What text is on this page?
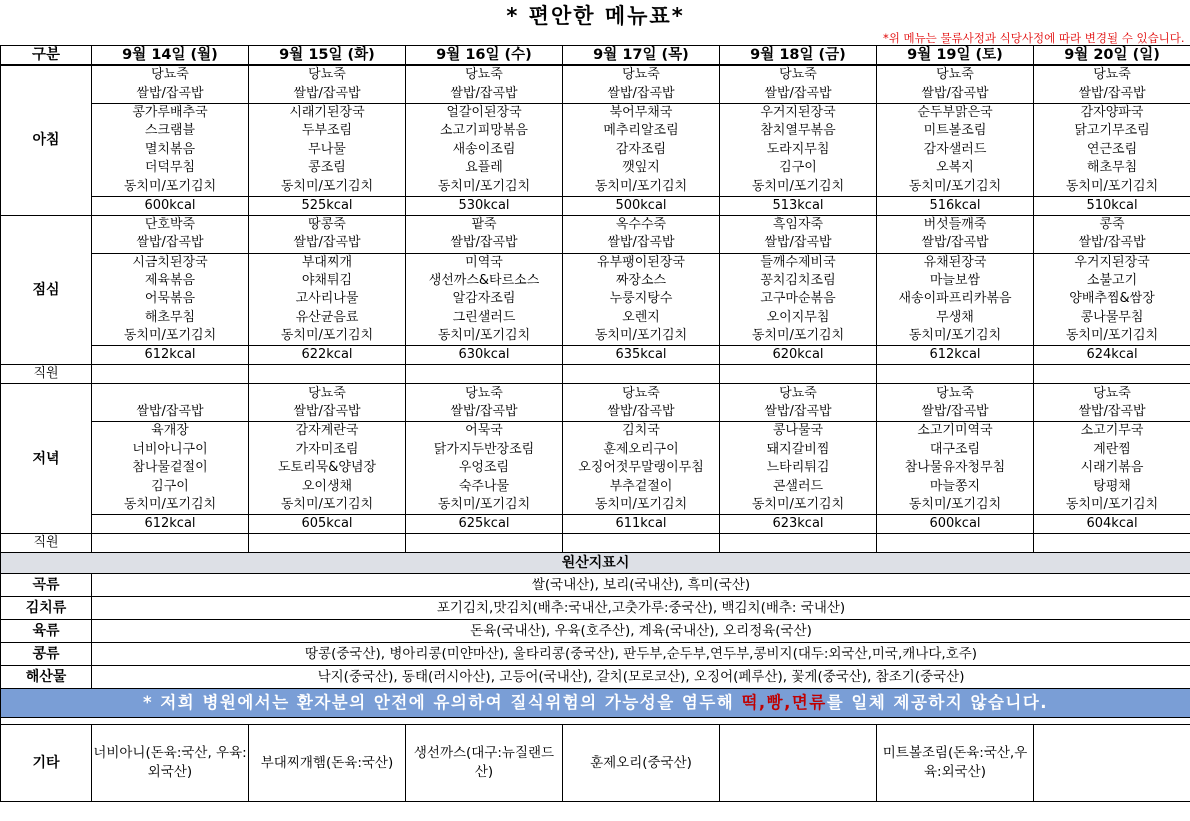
* 편안한 메뉴표*							
*위 메뉴는 물류사정과 식당사정에 따라 변경될 수 있습니다.							
구분	9월 14일 (월)	9월 15일 (화)	9월 16일 (수)	9월 17일 (목)	9월 18일 (금)	9월 19일 (토)	9월 20일 (일)
아침	당뇨죽	당뇨죽	당뇨죽	당뇨죽	당뇨죽	당뇨죽	당뇨죽
	쌀밥/잡곡밥	쌀밥/잡곡밥	쌀밥/잡곡밥	쌀밥/잡곡밥	쌀밥/잡곡밥	쌀밥/잡곡밥	쌀밥/잡곡밥
	콩가루배추국	시래기된장국	얼갈이된장국	북어무채국	우거지된장국	순두부맑은국	감자양파국
	스크램블	두부조림	소고기피망볶음	메추리알조림	참치열무볶음	미트볼조림	닭고기무조림
	멸치볶음	무나물	새송이조림	감자조림	도라지무침	감자샐러드	연근조림
	더덕무침	콩조림	요플레	깻잎지	김구이	오복지	해초무침
	동치미/포기김치	동치미/포기김치	동치미/포기김치	동치미/포기김치	동치미/포기김치	동치미/포기김치	동치미/포기김치
	600kcal	525kcal	530kcal	500kcal	513kcal	516kcal	510kcal
점심	단호박죽	땅콩죽	팥죽	옥수수죽	흑임자죽	버섯들깨죽	콩죽
	쌀밥/잡곡밥	쌀밥/잡곡밥	쌀밥/잡곡밥	쌀밥/잡곡밥	쌀밥/잡곡밥	쌀밥/잡곡밥	쌀밥/잡곡밥
	시금치된장국	부대찌개	미역국	유부팽이된장국	들깨수제비국	유채된장국	우거지된장국
	제육볶음	야채튀김	생선까스&타르소스	짜장소스	꽁치김치조림	마늘보쌈	소불고기
	어묵볶음	고사리나물	알감자조림	누룽지탕수	고구마순볶음	새송이파프리카볶음	양배추찜&쌈장
	해초무침	유산균음료	그린샐러드	오렌지	오이지무침	무생채	콩나물무침
	동치미/포기김치	동치미/포기김치	동치미/포기김치	동치미/포기김치	동치미/포기김치	동치미/포기김치	동치미/포기김치
	612kcal	622kcal	630kcal	635kcal	620kcal	612kcal	624kcal
직원							
저녁		당뇨죽	당뇨죽	당뇨죽	당뇨죽	당뇨죽	당뇨죽
	쌀밥/잡곡밥	쌀밥/잡곡밥	쌀밥/잡곡밥	쌀밥/잡곡밥	쌀밥/잡곡밥	쌀밥/잡곡밥	쌀밥/잡곡밥
	육개장	감자계란국	어묵국	김치국	콩나물국	소고기미역국	소고기무국
	너비아니구이	가자미조림	닭가지두반장조림	훈제오리구이	돼지갈비찜	대구조림	계란찜
	참나물겉절이	도토리묵&양념장	우엉조림	오징어젓무말랭이무침	느타리튀김	참나물유자청무침	시래기볶음
	김구이	오이생채	숙주나물	부추겉절이	콘샐러드	마늘쫑지	탕평채
	동치미/포기김치	동치미/포기김치	동치미/포기김치	동치미/포기김치	동치미/포기김치	동치미/포기김치	동치미/포기김치
	612kcal	605kcal	625kcal	611kcal	623kcal	600kcal	604kcal
직원							
원산지표시							
곡류	쌀(국내산), 보리(국내산), 흑미(국산)						
김치류	포기김치,맛김치(배추:국내산,고춧가루:중국산), 백김치(배추: 국내산)						
육류	돈육(국내산), 우육(호주산), 계육(국내산), 오리정육(국산)						
콩류	땅콩(중국산), 병아리콩(미얀마산), 울타리콩(중국산), 판두부,순두부,연두부,콩비지(대두:외국산,미국,캐나다,호주)						
해산물	낙지(중국산), 동태(러시아산), 고등어(국내산), 갈치(모로코산), 오징어(페루산), 꽃게(중국산), 참조기(중국산)						
* 저희 병원에서는 환자분의 안전에 유의하여 질식위험의 가능성을 염두해 떡,빵,면류를 일체 제공하지 않습니다.							

기타	너비아니(돈육:국산, 우육:외국산)	부대찌개햄(돈육:국산)	생선까스(대구:뉴질랜드산)	훈제오리(중국산)		미트볼조림(돈육:국산,우육:외국산)	
